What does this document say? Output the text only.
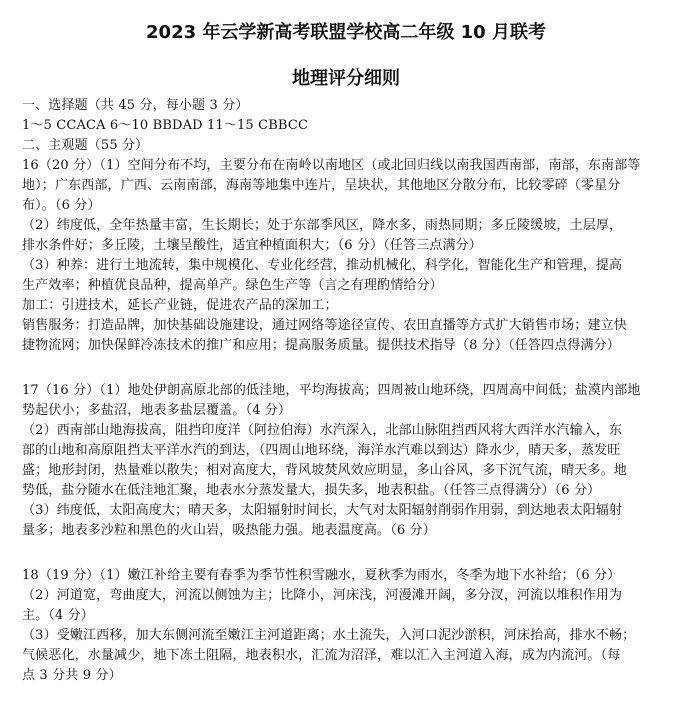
2023 年云学新高考联盟学校高二年级 10 月联考
地理评分细则
一、选择题（共 45 分，每小题 3 分）
1～5 CCACA 6～10 BBDAD 11～15 CBBCC
二、主观题（55 分）
16（20 分）（1）空间分布不均，主要分布在南岭以南地区（或北回归线以南我国西南部，南部，东南部等
地）；广东西部，广西、云南南部，海南等地集中连片，呈块状，其他地区分散分布，比较零碎（零星分
布）。（6 分）
（2）纬度低，全年热量丰富，生长期长；处于东部季风区，降水多，雨热同期；多丘陵缓坡，土层厚，
排水条件好；多丘陵，土壤呈酸性，适宜种植面积大；（6 分）（任答三点满分）
（3）种养：进行土地流转，集中规模化、专业化经营，推动机械化，科学化，智能化生产和管理，提高
生产效率；种植优良品种，提高单产。绿色生产等（言之有理酌情给分）
加工：引进技术，延长产业链，促进农产品的深加工；
销售服务：打造品牌，加快基础设施建设，通过网络等途径宣传、农田直播等方式扩大销售市场；建立快
捷物流网；加快保鲜冷冻技术的推广和应用；提高服务质量。提供技术指导（8 分）（任答四点得满分）
17（16 分）（1）地处伊朗高原北部的低洼地，平均海拔高；四周被山地环绕，四周高中间低；盐漠内部地
势起伏小；多盐沼，地表多盐层覆盖。（4 分）
（2）西南部山地海拔高，阻挡印度洋（阿拉伯海）水汽深入，北部山脉阻挡西风将大西洋水汽输入，东
部的山地和高原阻挡太平洋水汽的到达，（四周山地环绕，海洋水汽难以到达）降水少，晴天多，蒸发旺
盛；地形封闭，热量难以散失；相对高度大，背风坡焚风效应明显，多山谷风，多下沉气流，晴天多。地
势低，盐分随水在低洼地汇聚，地表水分蒸发量大，损失多，地表积盐。（任答三点得满分）（6 分）
（3）纬度低，太阳高度大；晴天多，太阳辐射时间长，大气对太阳辐射削弱作用弱，到达地表太阳辐射
量多；地表多沙粒和黑色的火山岩，吸热能力强。地表温度高。（6 分）
18（19 分）（1）嫩江补给主要有春季为季节性积雪融水，夏秋季为雨水，冬季为地下水补给；（6 分）
（2）河道宽，弯曲度大，河流以侧蚀为主；比降小，河床浅，河漫滩开阔，多分汊，河流以堆积作用为
主。（4 分）
（3）受嫩江西移，加大东侧河流至嫩江主河道距离；水土流失，入河口泥沙淤积，河床抬高，排水不畅；
气候恶化，水量减少，地下冻土阻隔，地表积水，汇流为沼泽，难以汇入主河道入海，成为内流河。（每
点 3 分共 9 分）
